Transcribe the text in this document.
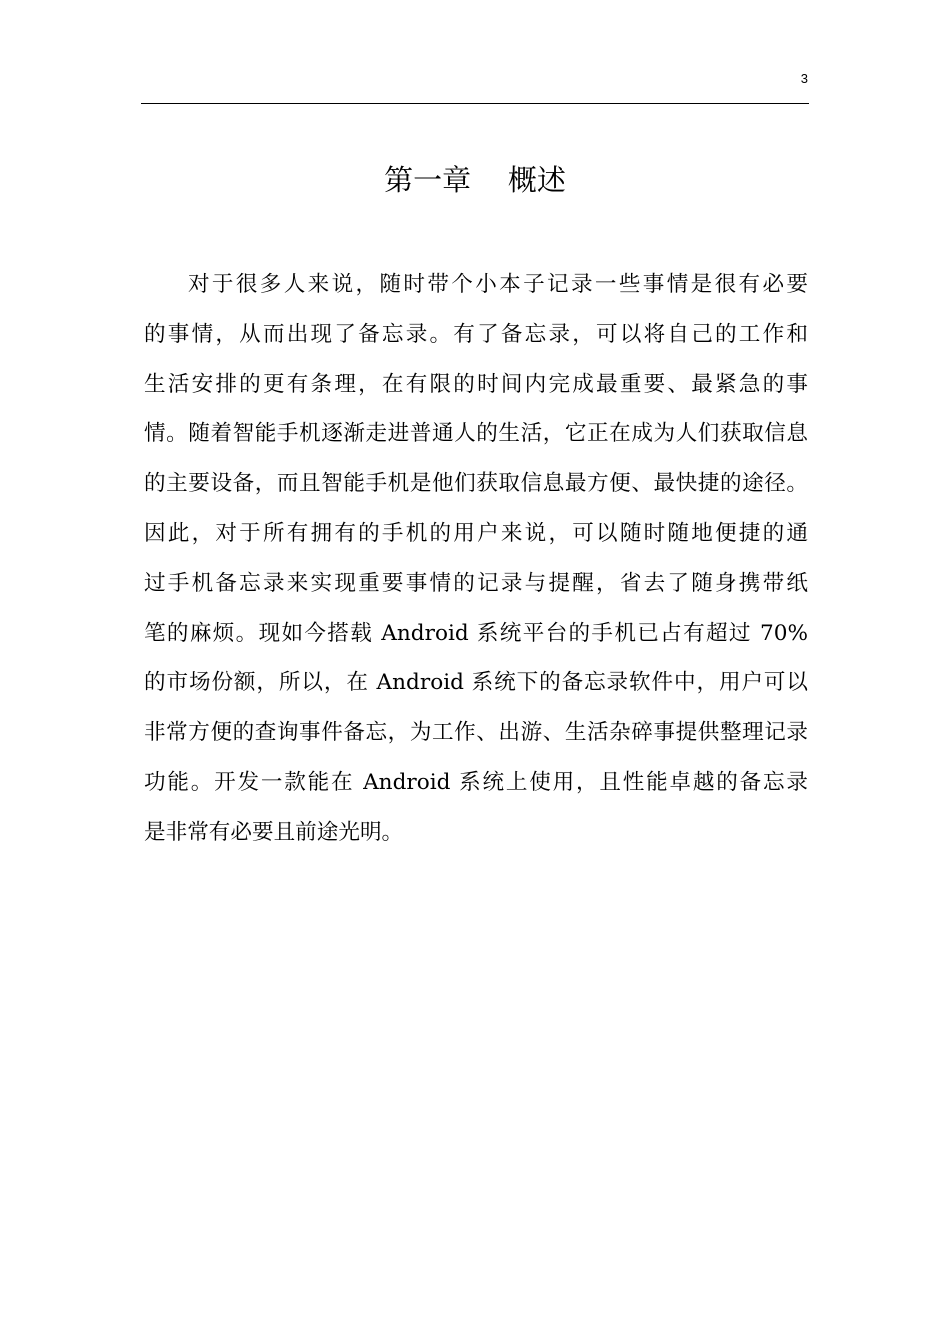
3
第一章    概述
对于很多人来说，随时带个小本子记录一些事情是很有必要
的事情，从而出现了备忘录。有了备忘录，可以将自己的工作和
生活安排的更有条理，在有限的时间内完成最重要、最紧急的事
情。随着智能手机逐渐走进普通人的生活，它正在成为人们获取信息
的主要设备，而且智能手机是他们获取信息最方便、最快捷的途径。
因此，对于所有拥有的手机的用户来说，可以随时随地便捷的通
过手机备忘录来实现重要事情的记录与提醒，省去了随身携带纸
笔的麻烦。现如今搭载 Android 系统平台的手机已占有超过 70%
的市场份额，所以，在 Android 系统下的备忘录软件中，用户可以
非常方便的查询事件备忘，为工作、出游、生活杂碎事提供整理记录
功能。开发一款能在 Android 系统上使用，且性能卓越的备忘录
是非常有必要且前途光明。
